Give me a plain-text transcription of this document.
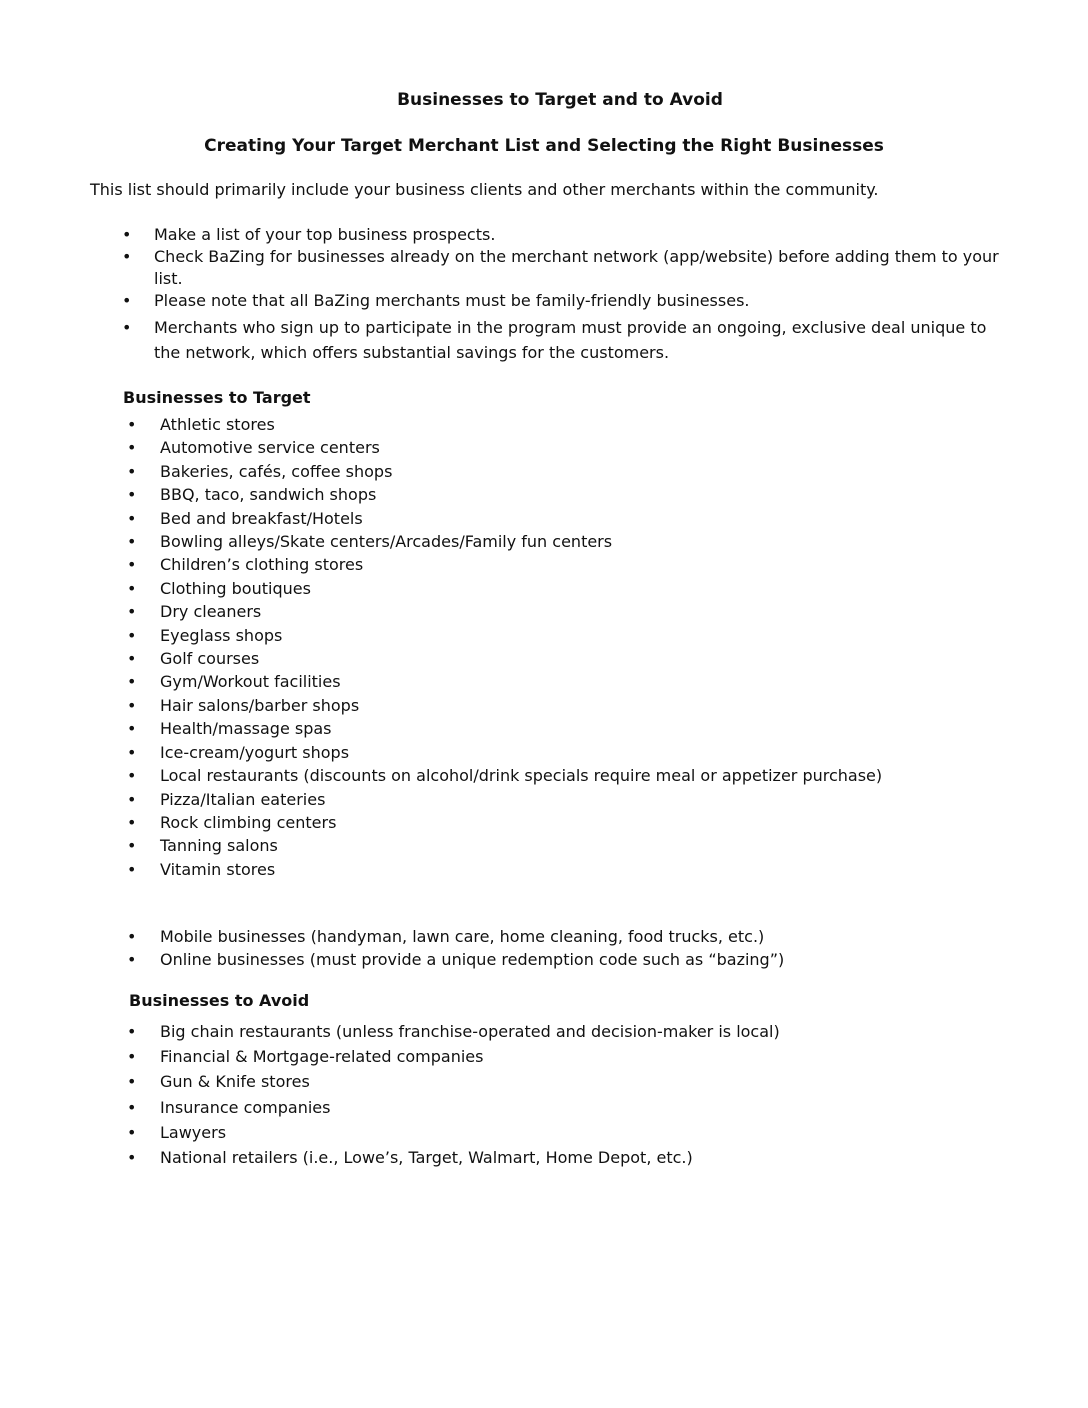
Businesses to Target and to Avoid
Creating Your Target Merchant List and Selecting the Right Businesses
This list should primarily include your business clients and other merchants within the community.
• Make a list of your top business prospects.
• Check BaZing for businesses already on the merchant network (app/website) before adding them to your list.
• Please note that all BaZing merchants must be family-friendly businesses.
• Merchants who sign up to participate in the program must provide an ongoing, exclusive deal unique to the network, which offers substantial savings for the customers.
Businesses to Target
• Athletic stores
• Automotive service centers
• Bakeries, cafés, coffee shops
• BBQ, taco, sandwich shops
• Bed and breakfast/Hotels
• Bowling alleys/Skate centers/Arcades/Family fun centers
• Children’s clothing stores
• Clothing boutiques
• Dry cleaners
• Eyeglass shops
• Golf courses
• Gym/Workout facilities
• Hair salons/barber shops
• Health/massage spas
• Ice-cream/yogurt shops
• Local restaurants (discounts on alcohol/drink specials require meal or appetizer purchase)
• Pizza/Italian eateries
• Rock climbing centers
• Tanning salons
• Vitamin stores
• Mobile businesses (handyman, lawn care, home cleaning, food trucks, etc.)
• Online businesses (must provide a unique redemption code such as “bazing”)
Businesses to Avoid
• Big chain restaurants (unless franchise-operated and decision-maker is local)
• Financial & Mortgage-related companies
• Gun & Knife stores
• Insurance companies
• Lawyers
• National retailers (i.e., Lowe’s, Target, Walmart, Home Depot, etc.)
